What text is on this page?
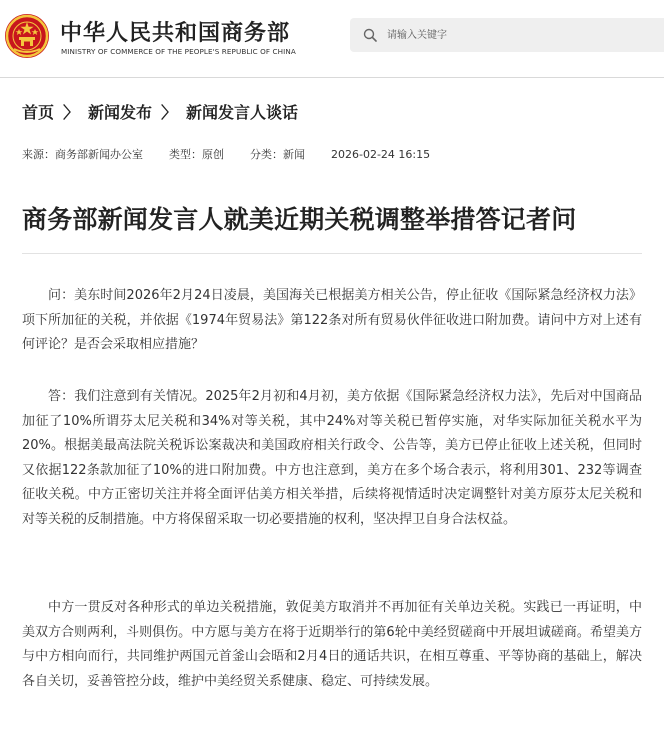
中华人民共和国商务部
MINISTRY OF COMMERCE OF THE PEOPLE'S REPUBLIC OF CHINA
请输入关键字
首页 〉 新闻发布 〉 新闻发言人谈话
来源：商务部新闻办公室 类型：原创 分类：新闻 2026-02-24 16:15
商务部新闻发言人就美近期关税调整举措答记者问

问：美东时间2026年2月24日凌晨，美国海关已根据美方相关公告，停止征收《国际紧急经济权力法》项下所加征的关税，并依据《1974年贸易法》第122条对所有贸易伙伴征收进口附加费。请问中方对上述有何评论？是否会采取相应措施？

答：我们注意到有关情况。2025年2月初和4月初，美方依据《国际紧急经济权力法》，先后对中国商品加征了10%所谓芬太尼关税和34%对等关税，其中24%对等关税已暂停实施，对华实际加征关税水平为20%。根据美最高法院关税诉讼案裁决和美国政府相关行政令、公告等，美方已停止征收上述关税，但同时又依据122条款加征了10%的进口附加费。中方也注意到，美方在多个场合表示，将利用301、232等调查征收关税。中方正密切关注并将全面评估美方相关举措，后续将视情适时决定调整针对美方原芬太尼关税和对等关税的反制措施。中方将保留采取一切必要措施的权利，坚决捍卫自身合法权益。

中方一贯反对各种形式的单边关税措施，敦促美方取消并不再加征有关单边关税。实践已一再证明，中美双方合则两利，斗则俱伤。中方愿与美方在将于近期举行的第6轮中美经贸磋商中开展坦诚磋商。希望美方与中方相向而行，共同维护两国元首釜山会晤和2月4日的通话共识，在相互尊重、平等协商的基础上，解决各自关切，妥善管控分歧，维护中美经贸关系健康、稳定、可持续发展。
